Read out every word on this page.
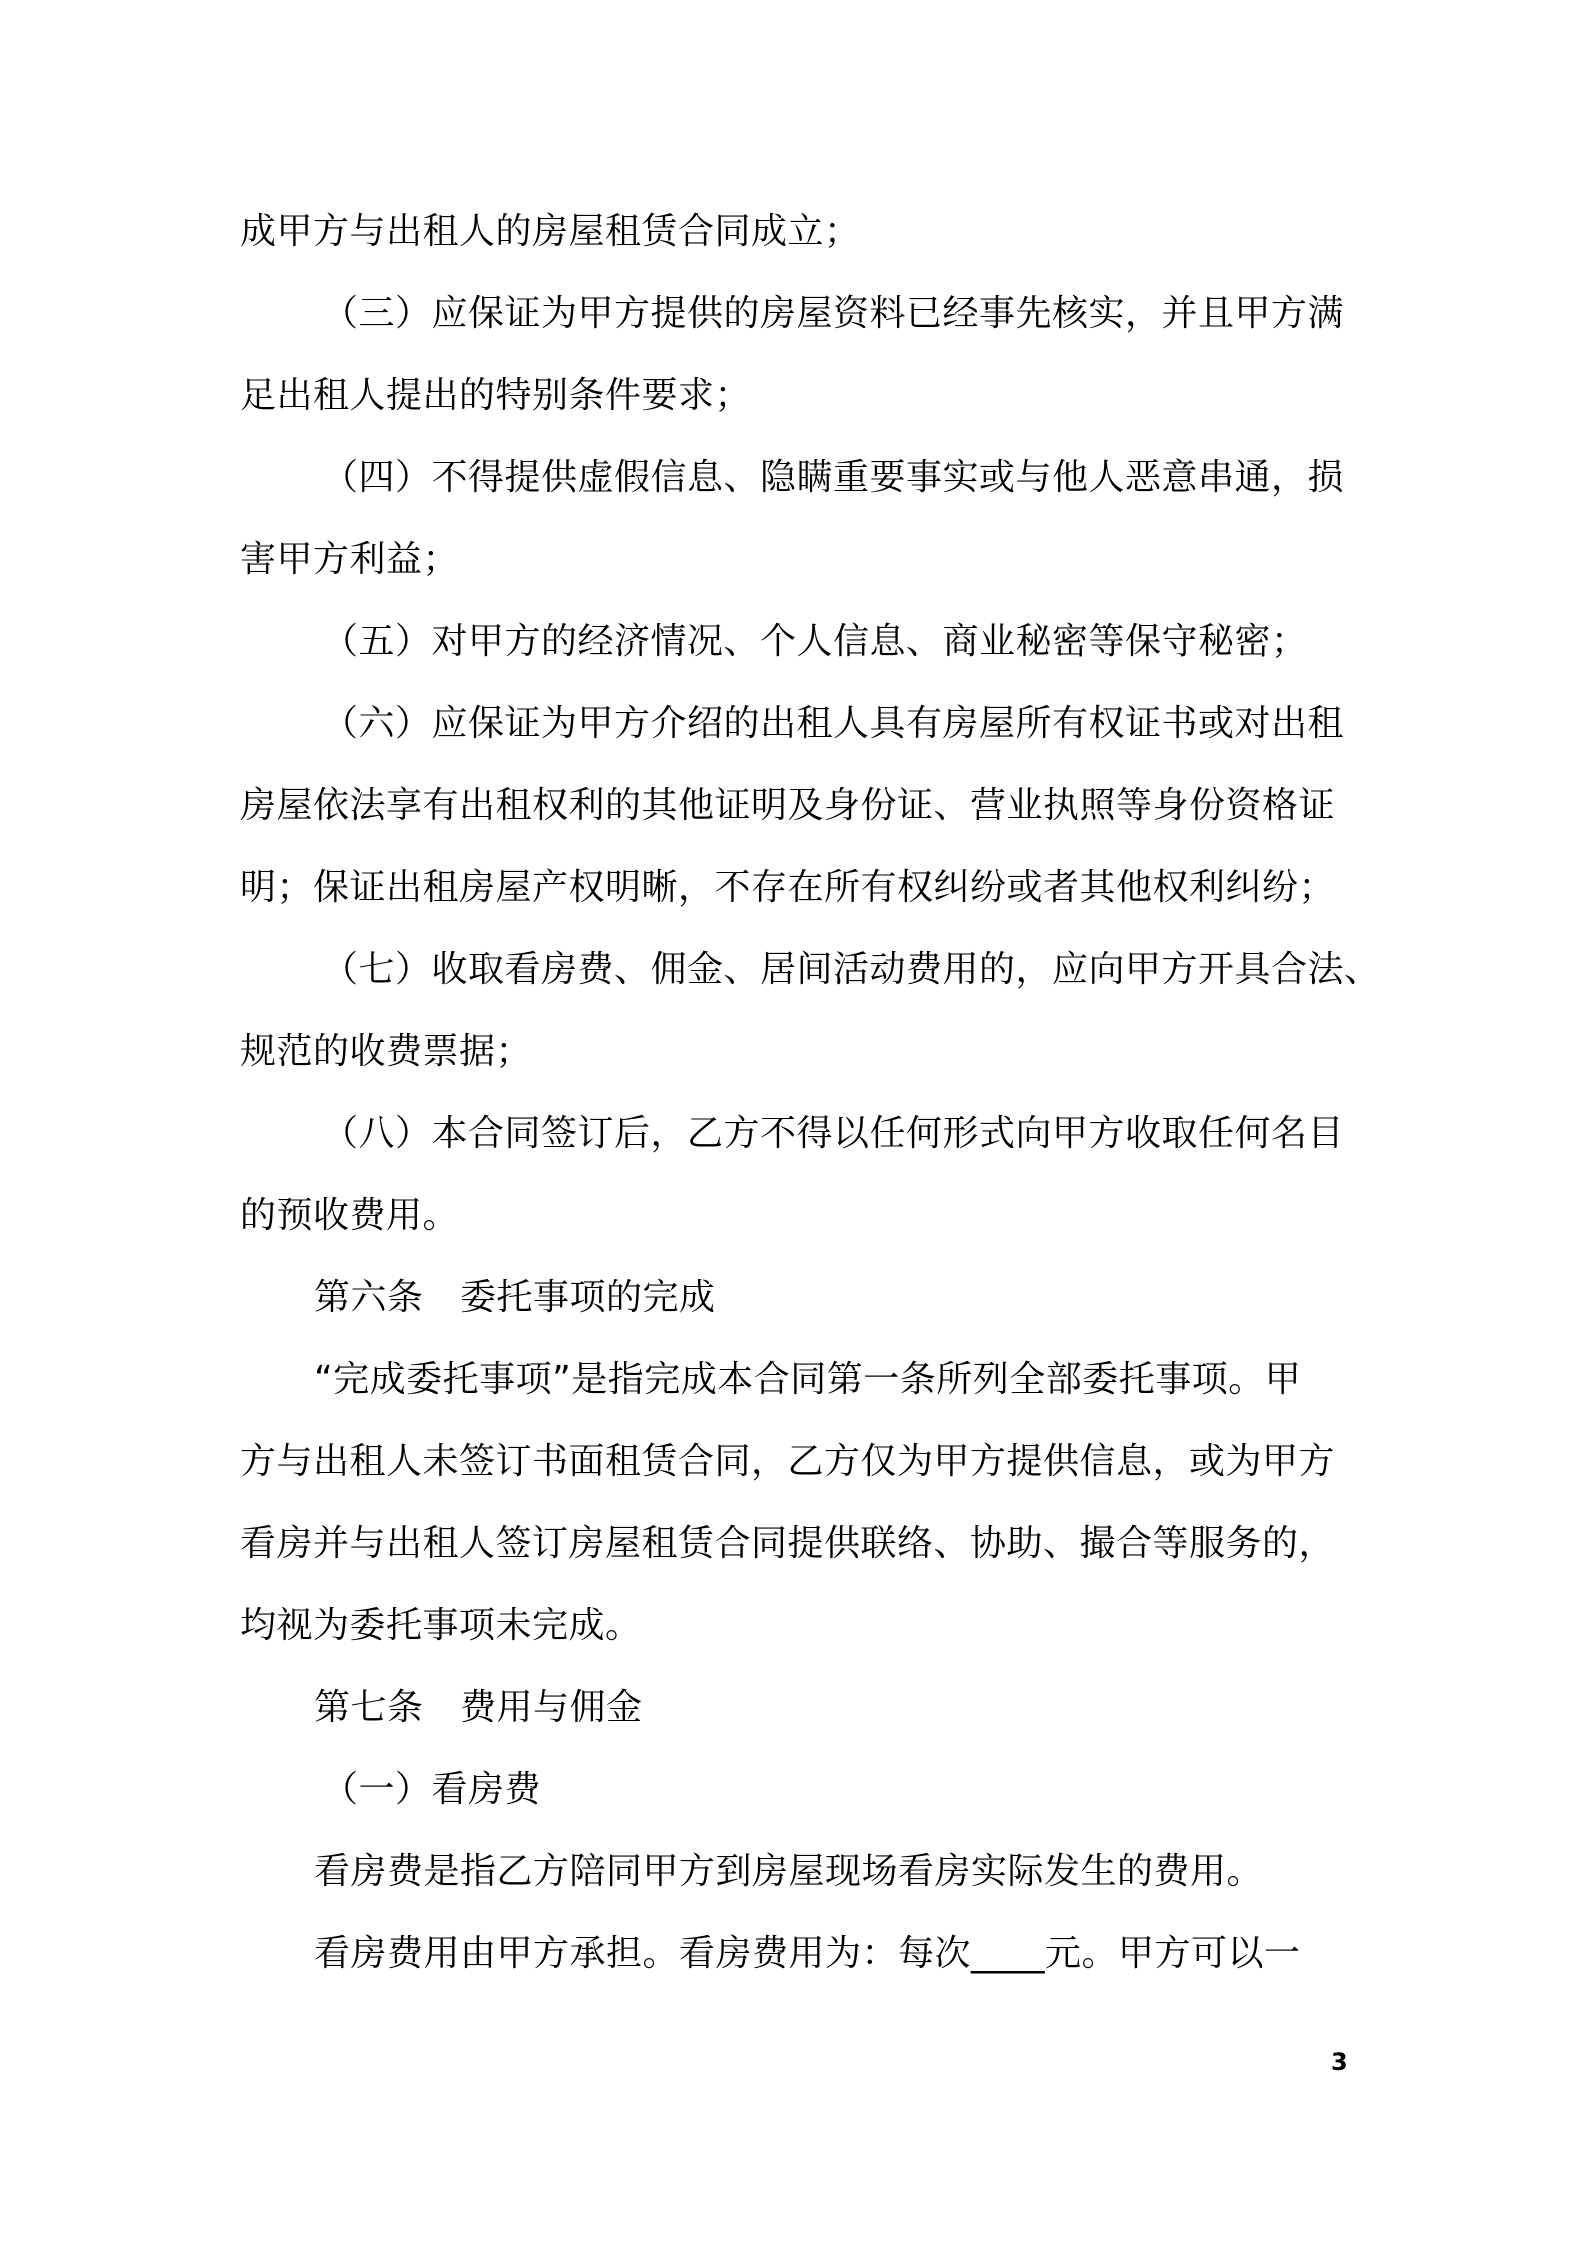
成甲方与出租人的房屋租赁合同成立；
（三）应保证为甲方提供的房屋资料已经事先核实，并且甲方满
足出租人提出的特别条件要求；
（四）不得提供虚假信息、隐瞒重要事实或与他人恶意串通，损
害甲方利益；
（五）对甲方的经济情况、个人信息、商业秘密等保守秘密；
（六）应保证为甲方介绍的出租人具有房屋所有权证书或对出租
房屋依法享有出租权利的其他证明及身份证、营业执照等身份资格证
明；保证出租房屋产权明晰，不存在所有权纠纷或者其他权利纠纷；
（七）收取看房费、佣金、居间活动费用的，应向甲方开具合法、
规范的收费票据；
（八）本合同签订后，乙方不得以任何形式向甲方收取任何名目
的预收费用。
第六条　委托事项的完成
“完成委托事项”是指完成本合同第一条所列全部委托事项。甲
方与出租人未签订书面租赁合同，乙方仅为甲方提供信息，或为甲方
看房并与出租人签订房屋租赁合同提供联络、协助、撮合等服务的，
均视为委托事项未完成。
第七条　费用与佣金
（一）看房费
看房费是指乙方陪同甲方到房屋现场看房实际发生的费用。
看房费用由甲方承担。看房费用为：每次____元。甲方可以一
3
